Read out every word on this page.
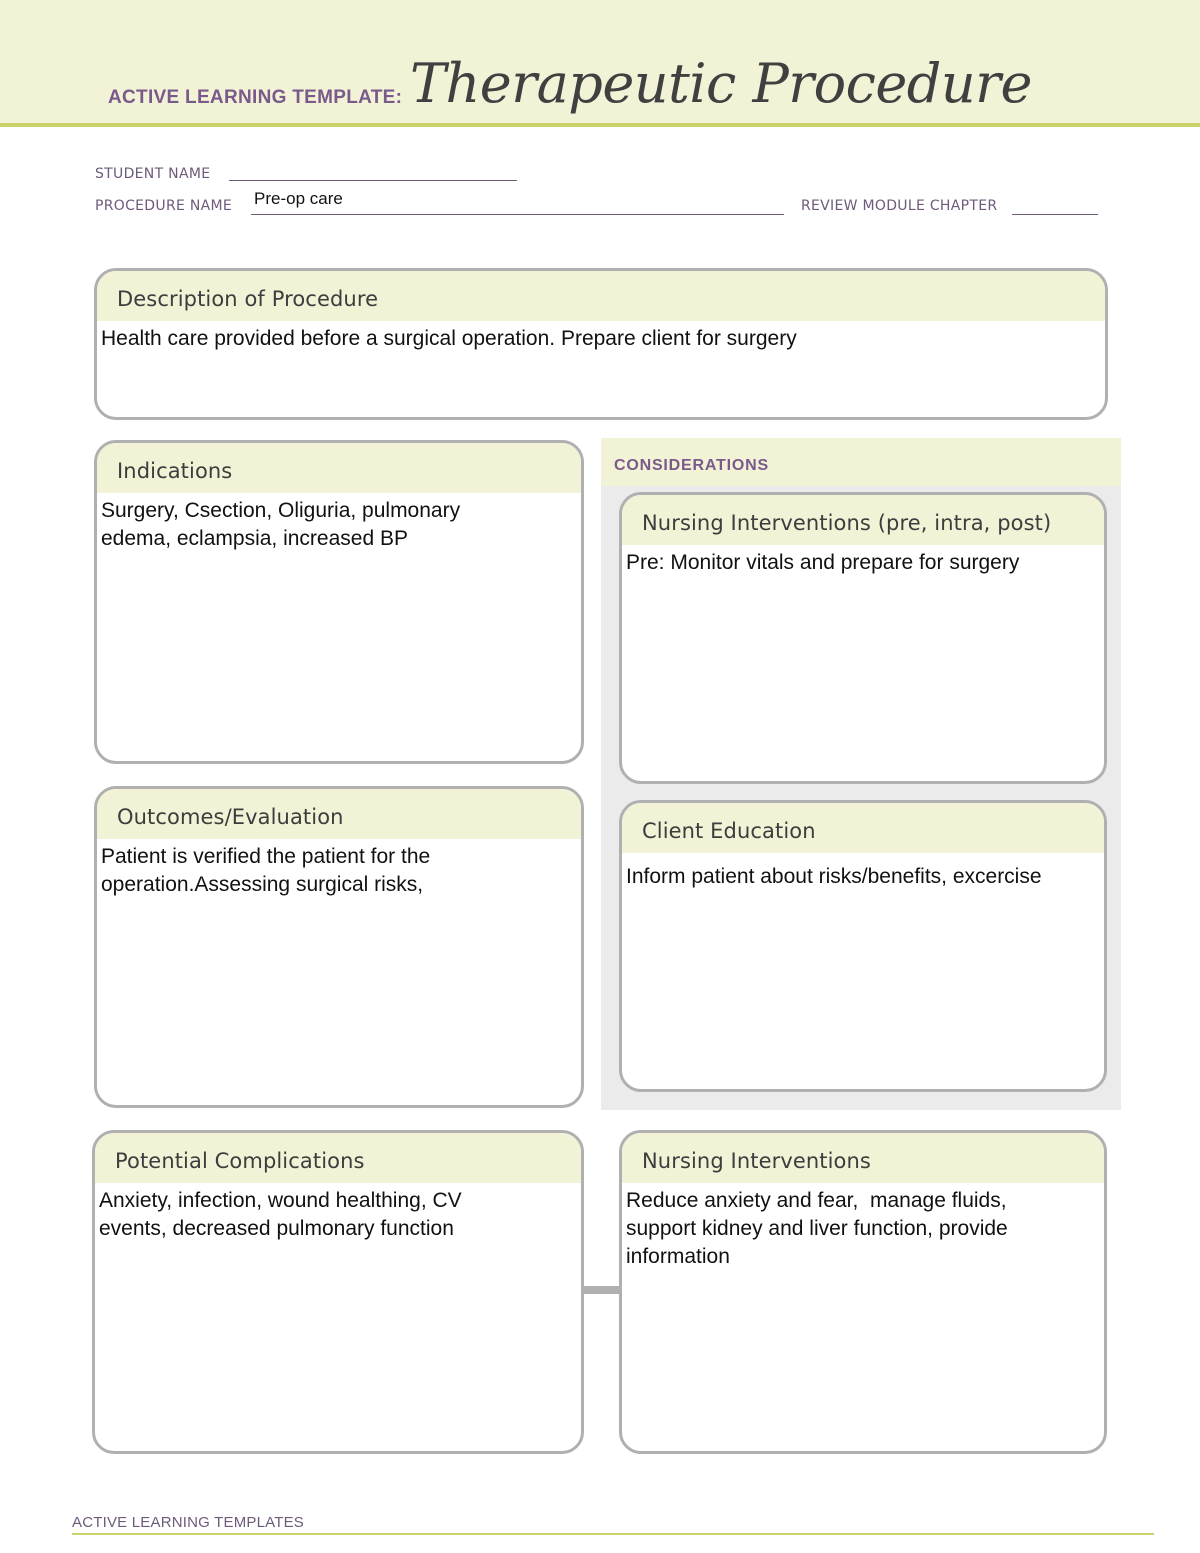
ACTIVE LEARNING TEMPLATE: Therapeutic Procedure
STUDENT NAME
PROCEDURE NAME Pre-op care	REVIEW MODULE CHAPTER
Description of Procedure
Health care provided before a surgical operation. Prepare client for surgery
CONSIDERATIONS
Indications
Surgery, Csection, Oliguria, pulmonary
edema, eclampsia, increased BP
Nursing Interventions (pre, intra, post)
Pre: Monitor vitals and prepare for surgery
Outcomes/Evaluation
Patient is verified the patient for the
operation.Assessing surgical risks,
Client Education
Inform patient about risks/benefits, excercise
Potential Complications
Anxiety, infection, wound healthing, CV
events, decreased pulmonary function
Nursing Interventions
Reduce anxiety and fear,  manage fluids,
support kidney and liver function, provide
information
ACTIVE LEARNING TEMPLATES
